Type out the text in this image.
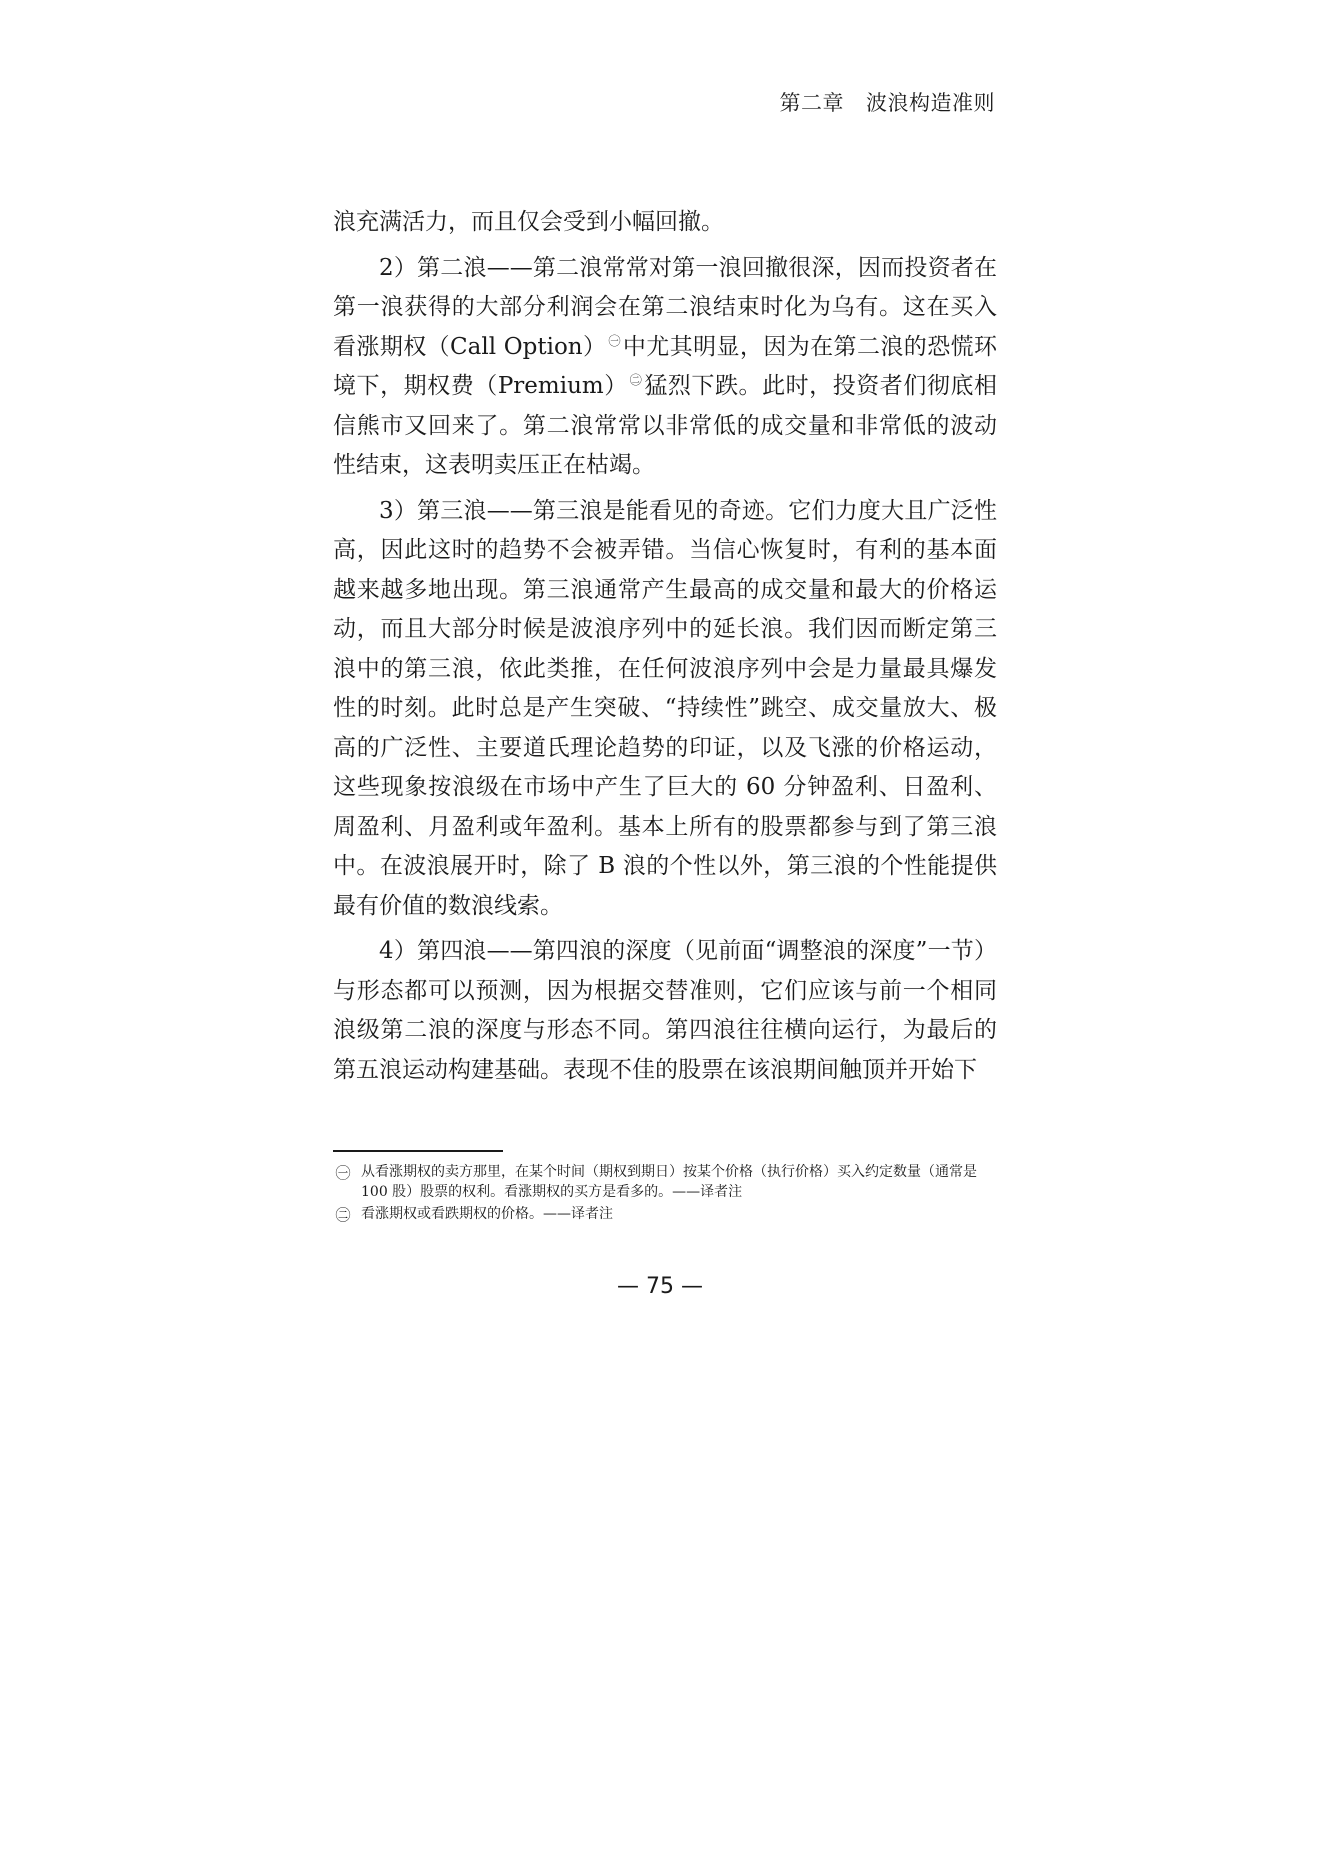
第二章 波浪构造准则

浪充满活力，而且仅会受到小幅回撤。

2）第二浪——第二浪常常对第一浪回撤很深，因而投资者在第一浪获得的大部分利润会在第二浪结束时化为乌有。这在买入看涨期权（Call Option） $^㊀$中尤其明显，因为在第二浪的恐慌环境下，期权费（Premium） $^㊁$猛烈下跌。此时，投资者们彻底相信熊市又回来了。第二浪常常以非常低的成交量和非常低的波动性结束，这表明卖压正在枯竭。

3）第三浪——第三浪是能看见的奇迹。它们力度大且广泛性高，因此这时的趋势不会被弄错。当信心恢复时，有利的基本面越来越多地出现。第三浪通常产生最高的成交量和最大的价格运动，而且大部分时候是波浪序列中的延长浪。我们因而断定第三浪中的第三浪，依此类推，在任何波浪序列中会是力量最具爆发性的时刻。此时总是产生突破、“持续性”跳空、成交量放大、极高的广泛性、主要道氏理论趋势的印证，以及飞涨的价格运动，这些现象按浪级在市场中产生了巨大的 60 分钟盈利、日盈利、周盈利、月盈利或年盈利。基本上所有的股票都参与到了第三浪中。在波浪展开时，除了 B 浪的个性以外，第三浪的个性能提供最有价值的数浪线索。

4）第四浪——第四浪的深度（见前面“调整浪的深度”一节）与形态都可以预测，因为根据交替准则，它们应该与前一个相同浪级第二浪的深度与形态不同。第四浪往往横向运行，为最后的第五浪运动构建基础。表现不佳的股票在该浪期间触顶并开始下

㊀ 从看涨期权的卖方那里，在某个时间（期权到期日）按某个价格（执行价格）买入约定数量（通常是 100 股）股票的权利。看涨期权的买方是看多的。——译者注
㊁ 看涨期权或看跌期权的价格。——译者注
— 75 —
